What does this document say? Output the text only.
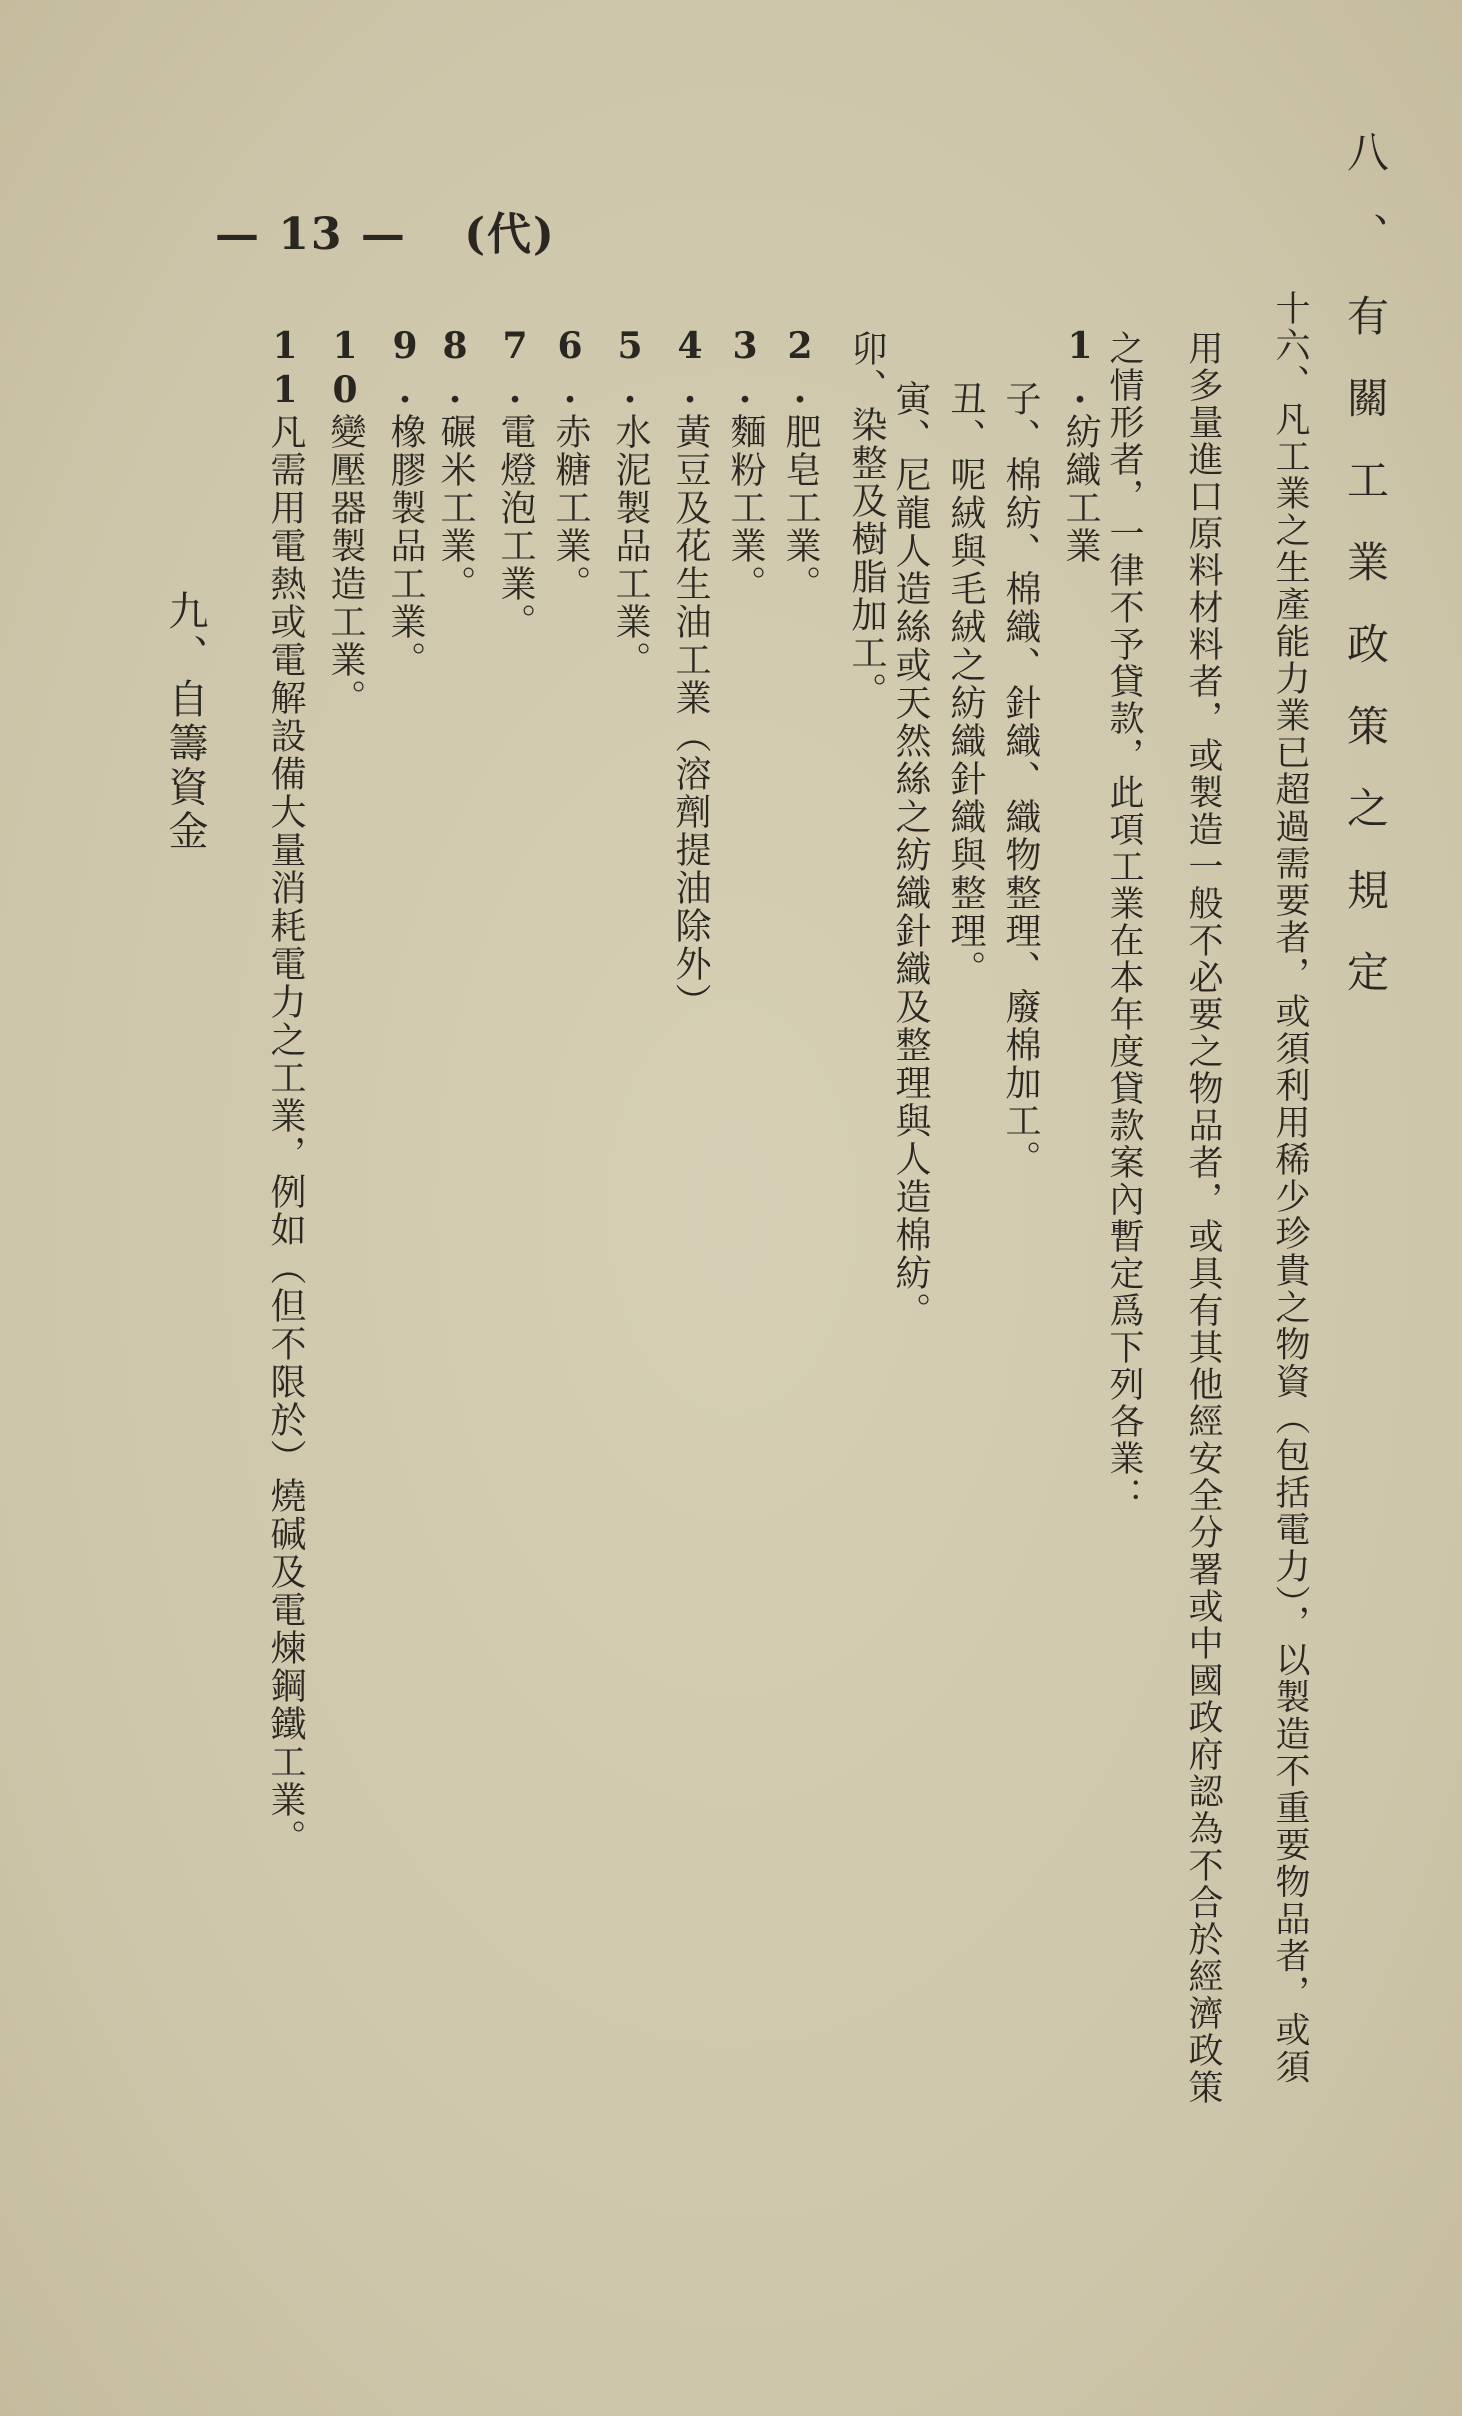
— 13 — (代)	八、有關工業政策之規定
十六、凡工業之生產能力業已超過需要者，或須利用稀少珍貴之物資（包括電力），以製造不重要物品者，或須
用多量進口原料材料者，或製造一般不必要之物品者，或具有其他經安全分署或中國政府認為不合於經濟政策
之情形者，一律不予貸款，此項工業在本年度貸款案內暫定爲下列各業：
1.紡織工業
子、棉紡、棉織、針織、織物整理、廢棉加工。
丑、呢絨與毛絨之紡織針織與整理。
寅、尼龍人造絲或天然絲之紡織針織及整理與人造棉紡。
卯、染整及樹脂加工。
2.肥皂工業。
3.麵粉工業。
4.黃豆及花生油工業（溶劑提油除外）
5.水泥製品工業。
6.赤糖工業。
7.電燈泡工業。
8.碾米工業。
9.橡膠製品工業。
10變壓器製造工業。
11凡需用電熱或電解設備大量消耗電力之工業，例如（但不限於）燒碱及電煉鋼鐵工業。
九、自籌資金
